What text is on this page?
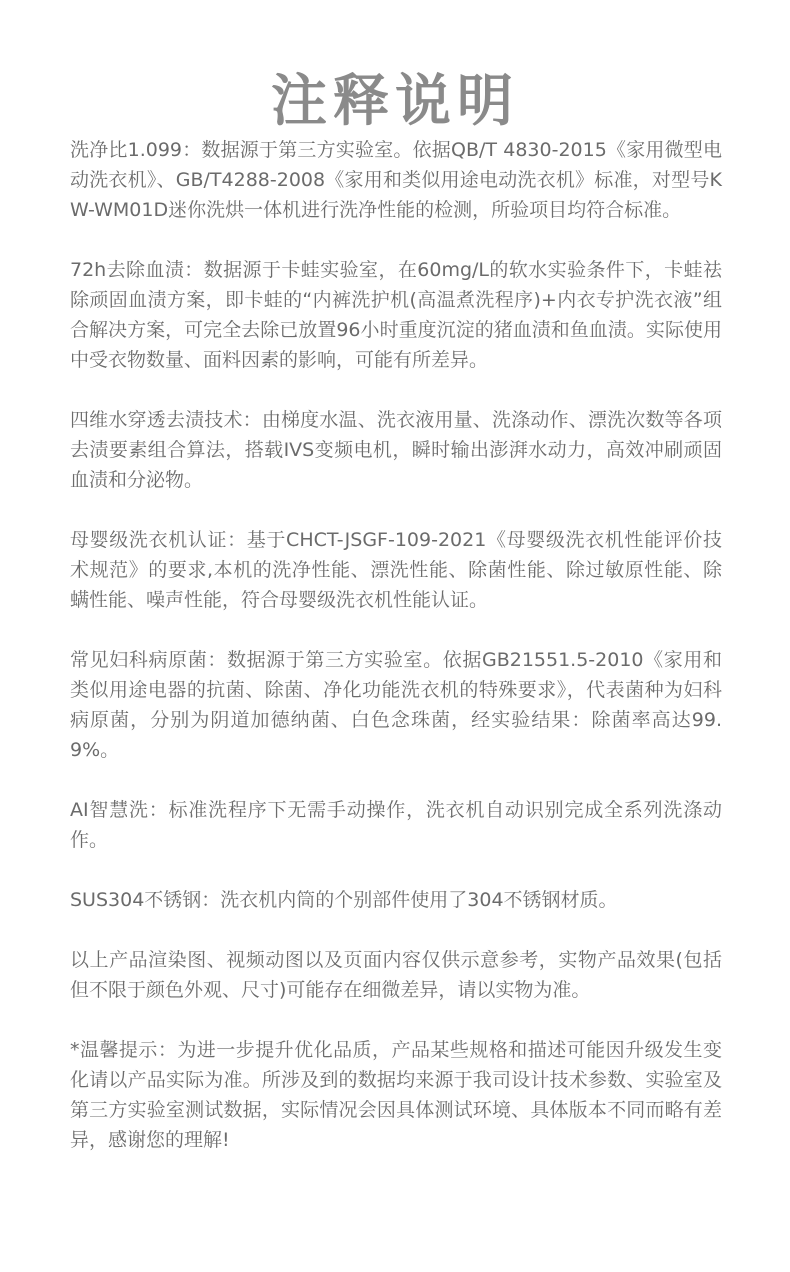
注释说明

洗净比1.099：数据源于第三方实验室。依据QB/T 4830-2015《家用微型电动洗衣机》、GB/T4288-2008《家用和类似用途电动洗衣机》标准，对型号KW-WM01D迷你洗烘一体机进行洗净性能的检测，所验项目均符合标准。

72h去除血渍：数据源于卡蛙实验室，在60mg/L的软水实验条件下，卡蛙祛除顽固血渍方案，即卡蛙的“内裤洗护机(高温煮洗程序)+内衣专护洗衣液”组合解决方案，可完全去除已放置96小时重度沉淀的猪血渍和鱼血渍。实际使用中受衣物数量、面料因素的影响，可能有所差异。

四维水穿透去渍技术：由梯度水温、洗衣液用量、洗涤动作、漂洗次数等各项去渍要素组合算法，搭载IVS变频电机，瞬时输出澎湃水动力，高效冲刷顽固血渍和分泌物。

母婴级洗衣机认证：基于CHCT-JSGF-109-2021《母婴级洗衣机性能评价技术规范》的要求,本机的洗净性能、漂洗性能、除菌性能、除过敏原性能、除螨性能、噪声性能，符合母婴级洗衣机性能认证。

常见妇科病原菌：数据源于第三方实验室。依据GB21551.5-2010《家用和类似用途电器的抗菌、除菌、净化功能洗衣机的特殊要求》，代表菌种为妇科病原菌，分别为阴道加德纳菌、白色念珠菌，经实验结果：除菌率高达99.9%。

AI智慧洗：标准洗程序下无需手动操作，洗衣机自动识别完成全系列洗涤动作。

SUS304不锈钢：洗衣机内筒的个别部件使用了304不锈钢材质。

以上产品渲染图、视频动图以及页面内容仅供示意参考，实物产品效果(包括但不限于颜色外观、尺寸)可能存在细微差异，请以实物为准。

*温馨提示：为进一步提升优化品质，产品某些规格和描述可能因升级发生变化请以产品实际为准。所涉及到的数据均来源于我司设计技术参数、实验室及第三方实验室测试数据，实际情况会因具体测试环境、具体版本不同而略有差异，感谢您的理解!
